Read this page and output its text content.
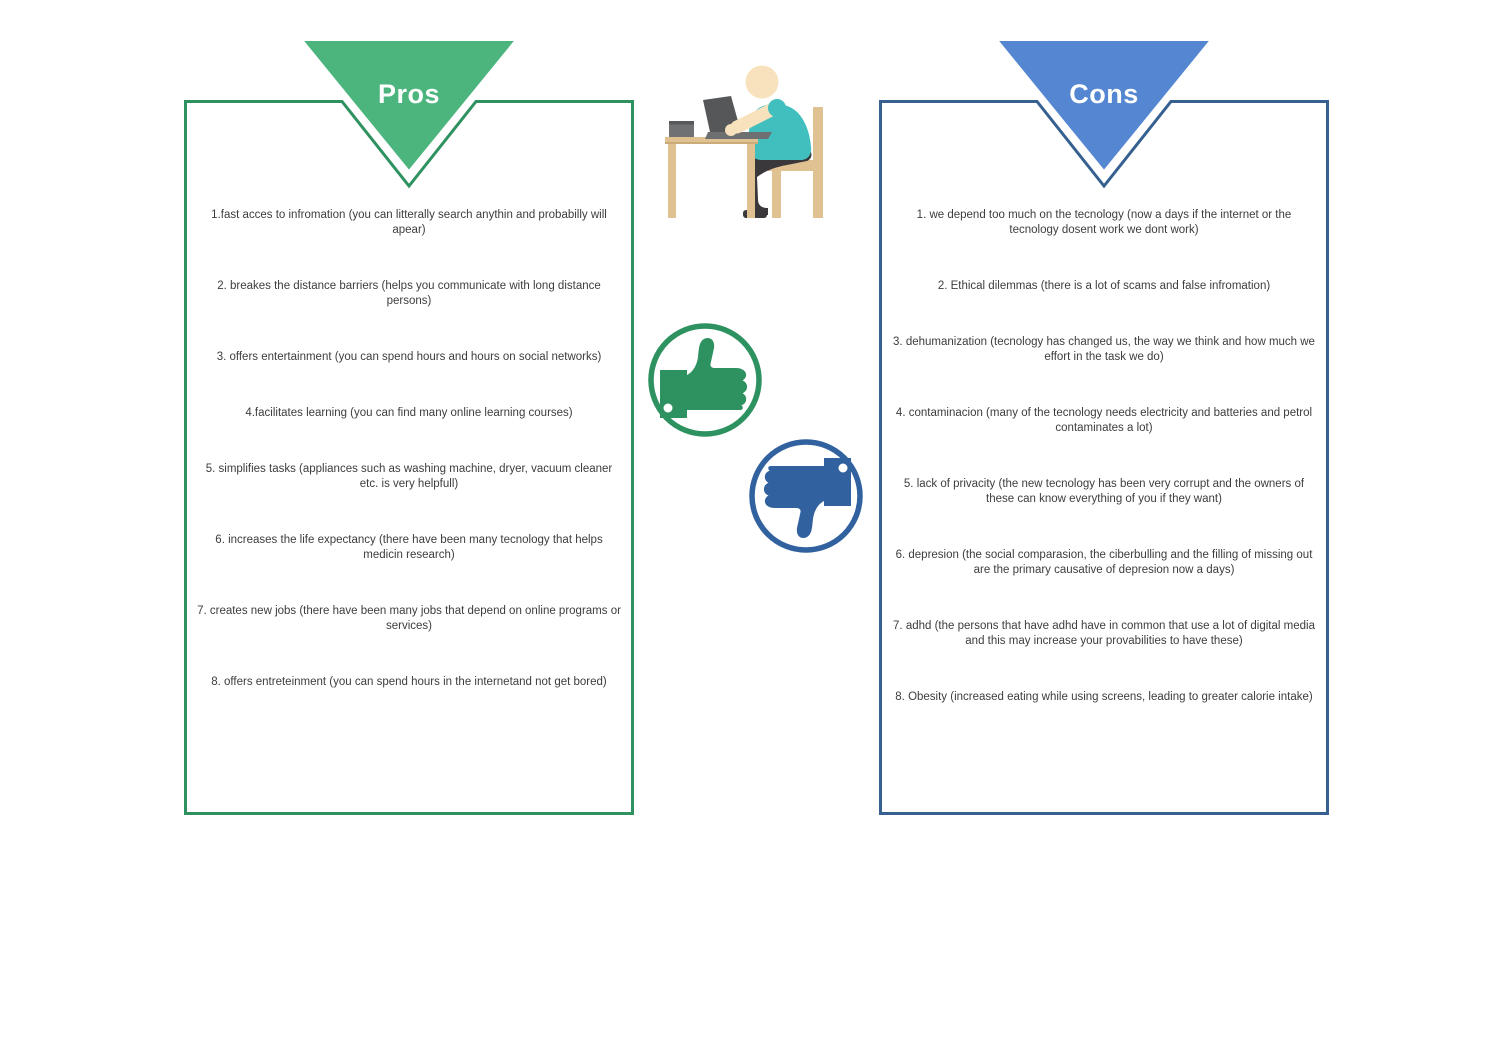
Pros

1.fast acces to infromation (you can litterally search anythin and probabilly will apear)

2. breakes the distance barriers (helps you communicate with long distance persons)

3. offers entertainment (you can spend hours and hours on social networks)

4.facilitates learning (you can find many online learning courses)

5. simplifies tasks (appliances such as washing machine, dryer, vacuum cleaner etc. is very helpfull)

6. increases the life expectancy (there have been many tecnology that helps medicin research)

7. creates new jobs (there have been many jobs that depend on online programs or services)

8. offers entreteinment (you can spend hours in the internetand not get bored)

Cons

1. we depend too much on the tecnology (now a days if the internet or the tecnology dosent work we dont work)

2. Ethical dilemmas (there is a lot of scams and false infromation)

3. dehumanization (tecnology has changed us, the way we think and how much we effort in the task we do)

4. contaminacion (many of the tecnology needs electricity and batteries and petrol contaminates a lot)

5. lack of privacity (the new tecnology has been very corrupt and the owners of these can know everything of you if they want)

6. depresion (the social comparasion, the ciberbulling and the filling of missing out are the primary causative of depresion now a days)

7. adhd (the persons that have adhd have in common that use a lot of digital media and this may increase your provabilities to have these)

8. Obesity (increased eating while using screens, leading to greater calorie intake)
